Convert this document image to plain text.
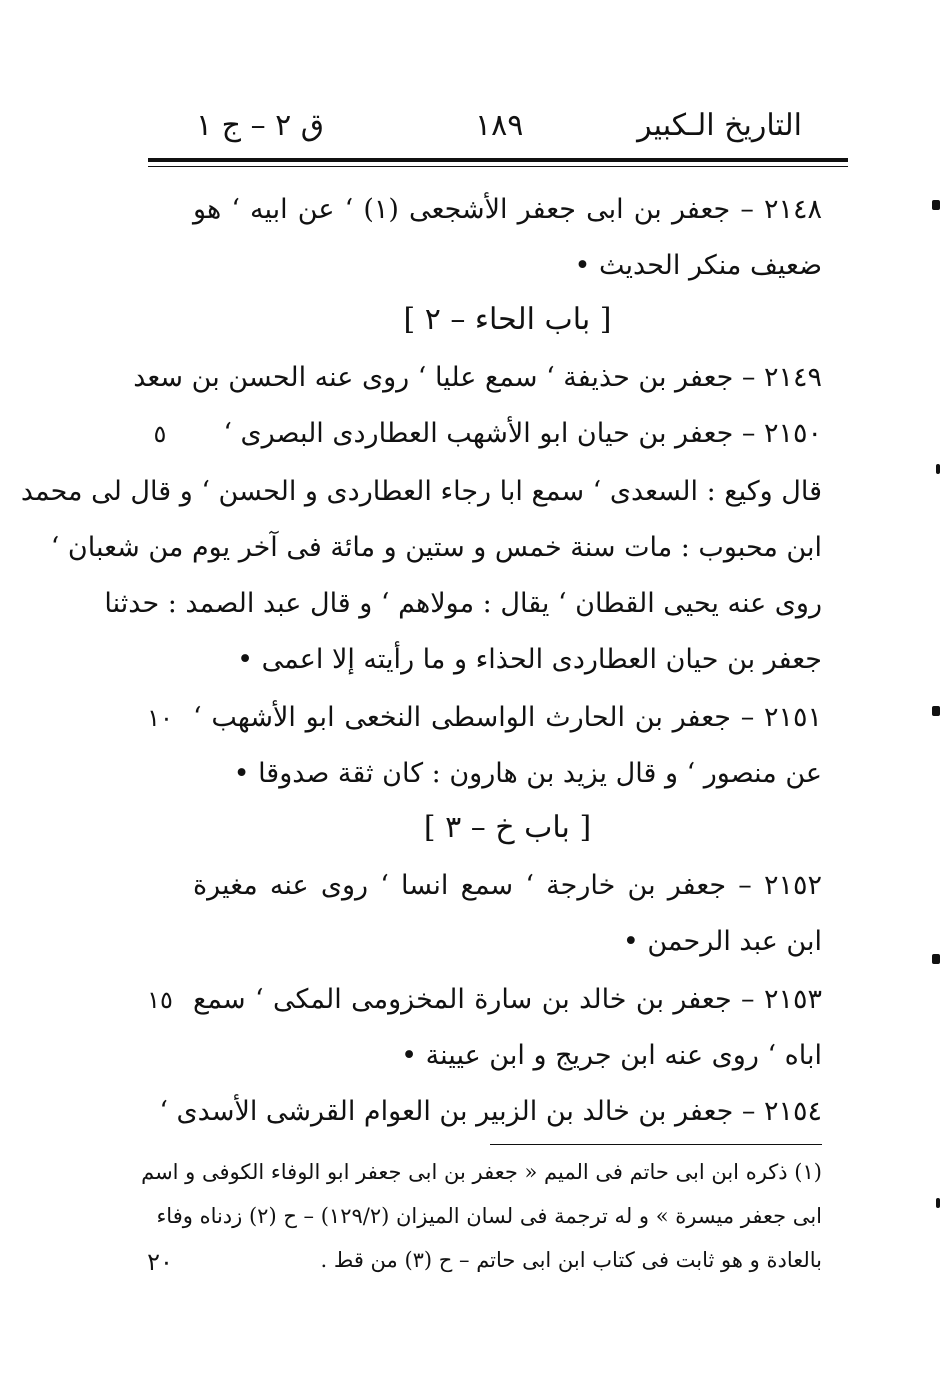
التاريخ الـكبير
١٨٩
ق ٢ – ج ١
٢١٤٨ – جعفر بن ابى جعفر الأشجعى (١) ‘ عن ابيه ‘ هو
ضعيف منكر الحديث •
[ باب الحاء – ٢ ]
٢١٤٩ – جعفر بن حذيفة ‘ سمع عليا ‘ روى عنه الحسن بن سعد
٢١٥٠ – جعفر بن حيان ابو الأشهب العطاردى البصرى ‘
قال وكيع : السعدى ‘ سمع ابا رجاء العطاردى و الحسن ‘ و قال لى محمد
ابن محبوب : مات سنة خمس و ستين و مائة فى آخر يوم من شعبان ‘
روى عنه يحيى القطان ‘ يقال : مولاهم ‘ و قال عبد الصمد : حدثنا
جعفر بن حيان العطاردى الحذاء و ما رأيته إلا اعمى •
٢١٥١ – جعفر بن الحارث الواسطى النخعى ابو الأشهب ‘
عن منصور ‘ و قال يزيد بن هارون : كان ثقة صدوقا •
[ باب خ – ٣ ]
٢١٥٢ – جعفر بن خارجة ‘ سمع انسا ‘ روى عنه مغيرة
ابن عبد الرحمن •
٢١٥٣ – جعفر بن خالد بن سارة المخزومى المكى ‘ سمع
اباه ‘ روى عنه ابن جريج و ابن عيينة •
٢١٥٤ – جعفر بن خالد بن الزبير بن العوام القرشى الأسدى ‘
٥
١٠
١٥
٢٠
(١) ذكره ابن ابى حاتم فى الميم « جعفر بن ابى جعفر ابو الوفاء الكوفى و اسم
ابى جعفر ميسرة » و له ترجمة فى لسان الميزان (١٢٩/٢) – ح (٢) زدناه وفاء
بالعادة و هو ثابت فى كتاب ابن ابى حاتم – ح (٣) من قط .
